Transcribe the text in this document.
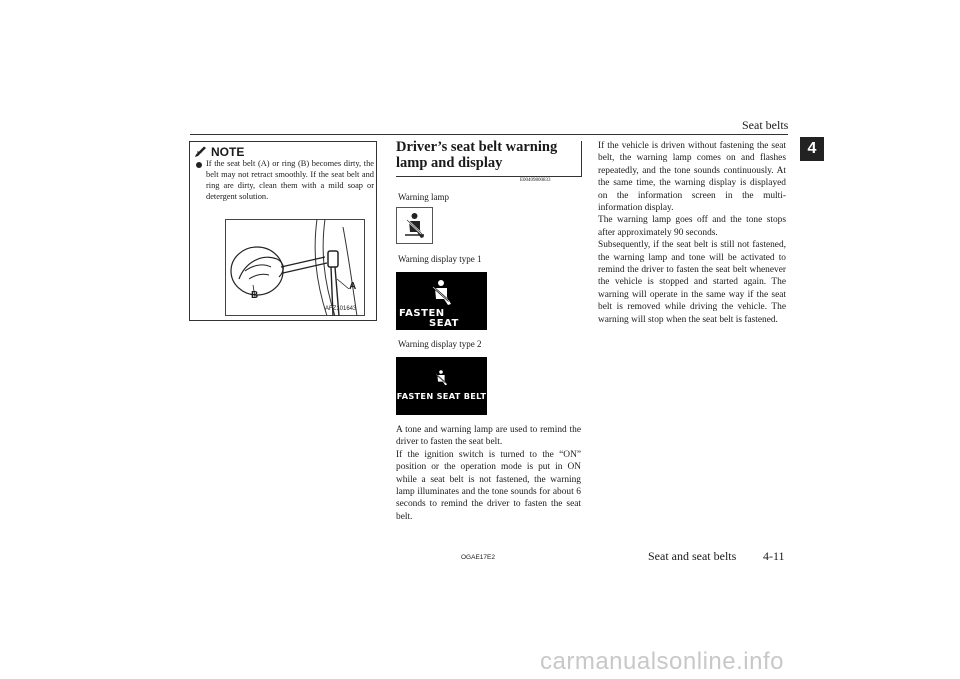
Seat belts
4
NOTE
If the seat belt (A) or ring (B) becomes dirty, the belt may not retract smoothly. If the seat belt and ring are dirty, clean them with a mild soap or detergent solution.
B
A
AFZ101643
Driver’s seat belt warning
lamp and display
E00409800833
Warning lamp
Warning display type 1
FASTEN
SEAT BELT
Warning display type 2
FASTEN SEAT BELT
A tone and warning lamp are used to remind the driver to fasten the seat belt.
If the ignition switch is turned to the “ON” position or the operation mode is put in ON while a seat belt is not fastened, the warning lamp illuminates and the tone sounds for about 6 seconds to remind the driver to fasten the seat belt.
If the vehicle is driven without fastening the seat belt, the warning lamp comes on and flashes repeatedly, and the tone sounds continuously. At the same time, the warning display is displayed on the information screen in the multi-information display.
The warning lamp goes off and the tone stops after approximately 90 seconds.
Subsequently, if the seat belt is still not fastened, the warning lamp and tone will be activated to remind the driver to fasten the seat belt whenever the vehicle is stopped and started again. The warning will operate in the same way if the seat belt is removed while driving the vehicle. The warning will stop when the seat belt is fastened.
OGAE17E2	Seat and seat belts 4-11
carmanualsonline.info
